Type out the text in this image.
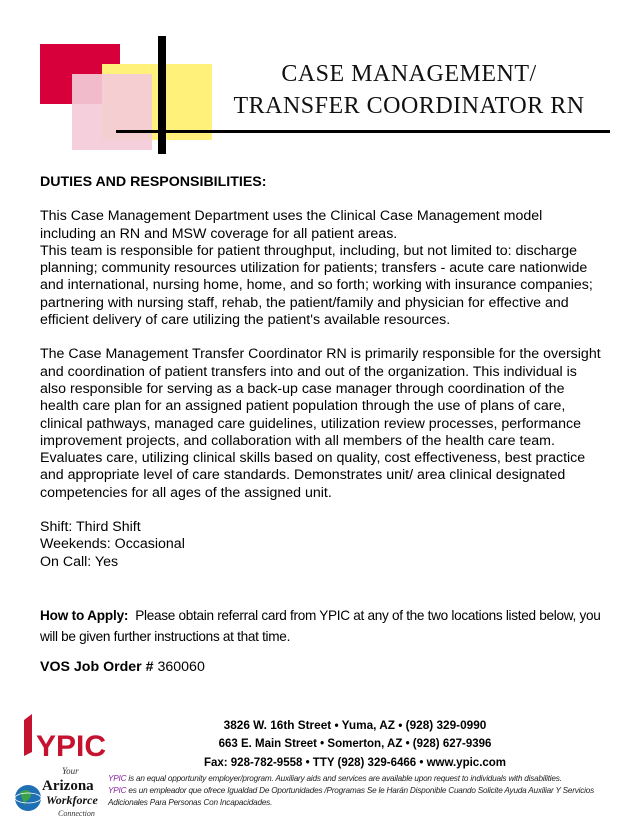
CASE MANAGEMENT/
TRANSFER COORDINATOR RN
DUTIES AND RESPONSIBILITIES:

This Case Management Department uses the Clinical Case Management model including an RN and MSW coverage for all patient areas.

This team is responsible for patient throughput, including, but not limited to: discharge planning; community resources utilization for patients; transfers - acute care nationwide and international, nursing home, home, and so forth; working with insurance companies; partnering with nursing staff, rehab, the patient/family and physician for effective and efficient delivery of care utilizing the patient's available resources.

The Case Management Transfer Coordinator RN is primarily responsible for the oversight and coordination of patient transfers into and out of the organization. This individual is also responsible for serving as a back-up case manager through coordination of the health care plan for an assigned patient population through the use of plans of care, clinical pathways, managed care guidelines, utilization review processes, performance improvement projects, and collaboration with all members of the health care team. Evaluates care, utilizing clinical skills based on quality, cost effectiveness, best practice and appropriate level of care standards. Demonstrates unit/ area clinical designated competencies for all ages of the assigned unit.

Shift: Third Shift
Weekends: Occasional
On Call: Yes
How to Apply: Please obtain referral card from YPIC at any of the two locations listed below, you will be given further instructions at that time.
VOS Job Order # 360060
YPIC
Your
Arizona
Workforce
Connection
3826 W. 16th Street • Yuma, AZ • (928) 329-0990
663 E. Main Street • Somerton, AZ • (928) 627-9396
Fax: 928-782-9558 • TTY (928) 329-6466 • www.ypic.com
YPIC is an equal opportunity employer/program. Auxiliary aids and services are available upon request to individuals with disabilities.
YPIC es un empleador que ofrece Igualdad De Oportunidades /Programas Se le Harán Disponible Cuando Solicite Ayuda Auxiliar Y Servicios Adicionales Para Personas Con Incapacidades.
